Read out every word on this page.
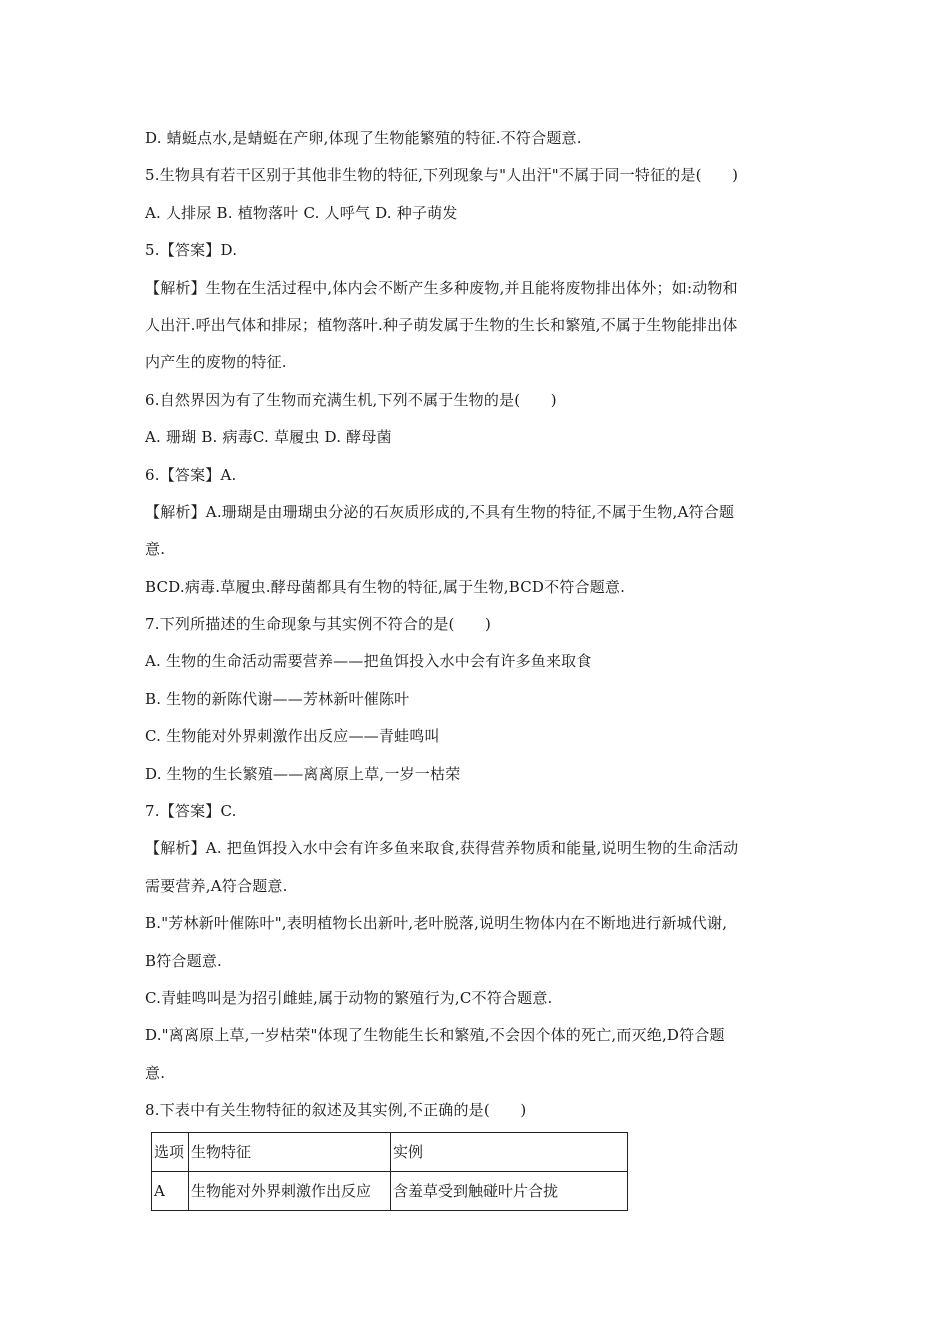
D. 蜻蜓点水,是蜻蜓在产卵,体现了生物能繁殖的特征.不符合题意.
5.生物具有若干区别于其他非生物的特征,下列现象与"人出汗"不属于同一特征的是(　　)
A. 人排尿 B. 植物落叶 C. 人呼气 D. 种子萌发
5.【答案】D.
【解析】生物在生活过程中,体内会不断产生多种废物,并且能将废物排出体外；如:动物和
人出汗.呼出气体和排尿；植物落叶.种子萌发属于生物的生长和繁殖,不属于生物能排出体
内产生的废物的特征.
6.自然界因为有了生物而充满生机,下列不属于生物的是(　　)
A. 珊瑚 B. 病毒C. 草履虫 D. 酵母菌
6.【答案】A.
【解析】A.珊瑚是由珊瑚虫分泌的石灰质形成的,不具有生物的特征,不属于生物,A符合题
意.
BCD.病毒.草履虫.酵母菌都具有生物的特征,属于生物,BCD不符合题意.
7.下列所描述的生命现象与其实例不符合的是(　　)
A. 生物的生命活动需要营养——把鱼饵投入水中会有许多鱼来取食
B. 生物的新陈代谢——芳林新叶催陈叶
C. 生物能对外界刺激作出反应——青蛙鸣叫
D. 生物的生长繁殖——离离原上草,一岁一枯荣
7.【答案】C.
【解析】A. 把鱼饵投入水中会有许多鱼来取食,获得营养物质和能量,说明生物的生命活动
需要营养,A符合题意.
B."芳林新叶催陈叶",表明植物长出新叶,老叶脱落,说明生物体内在不断地进行新城代谢,
B符合题意.
C.青蛙鸣叫是为招引雌蛙,属于动物的繁殖行为,C不符合题意.
D."离离原上草,一岁枯荣"体现了生物能生长和繁殖,不会因个体的死亡,而灭绝,D符合题
意.
8.下表中有关生物特征的叙述及其实例,不正确的是(　　)
选项	生物特征	实例
A	生物能对外界刺激作出反应	含羞草受到触碰叶片合拢
